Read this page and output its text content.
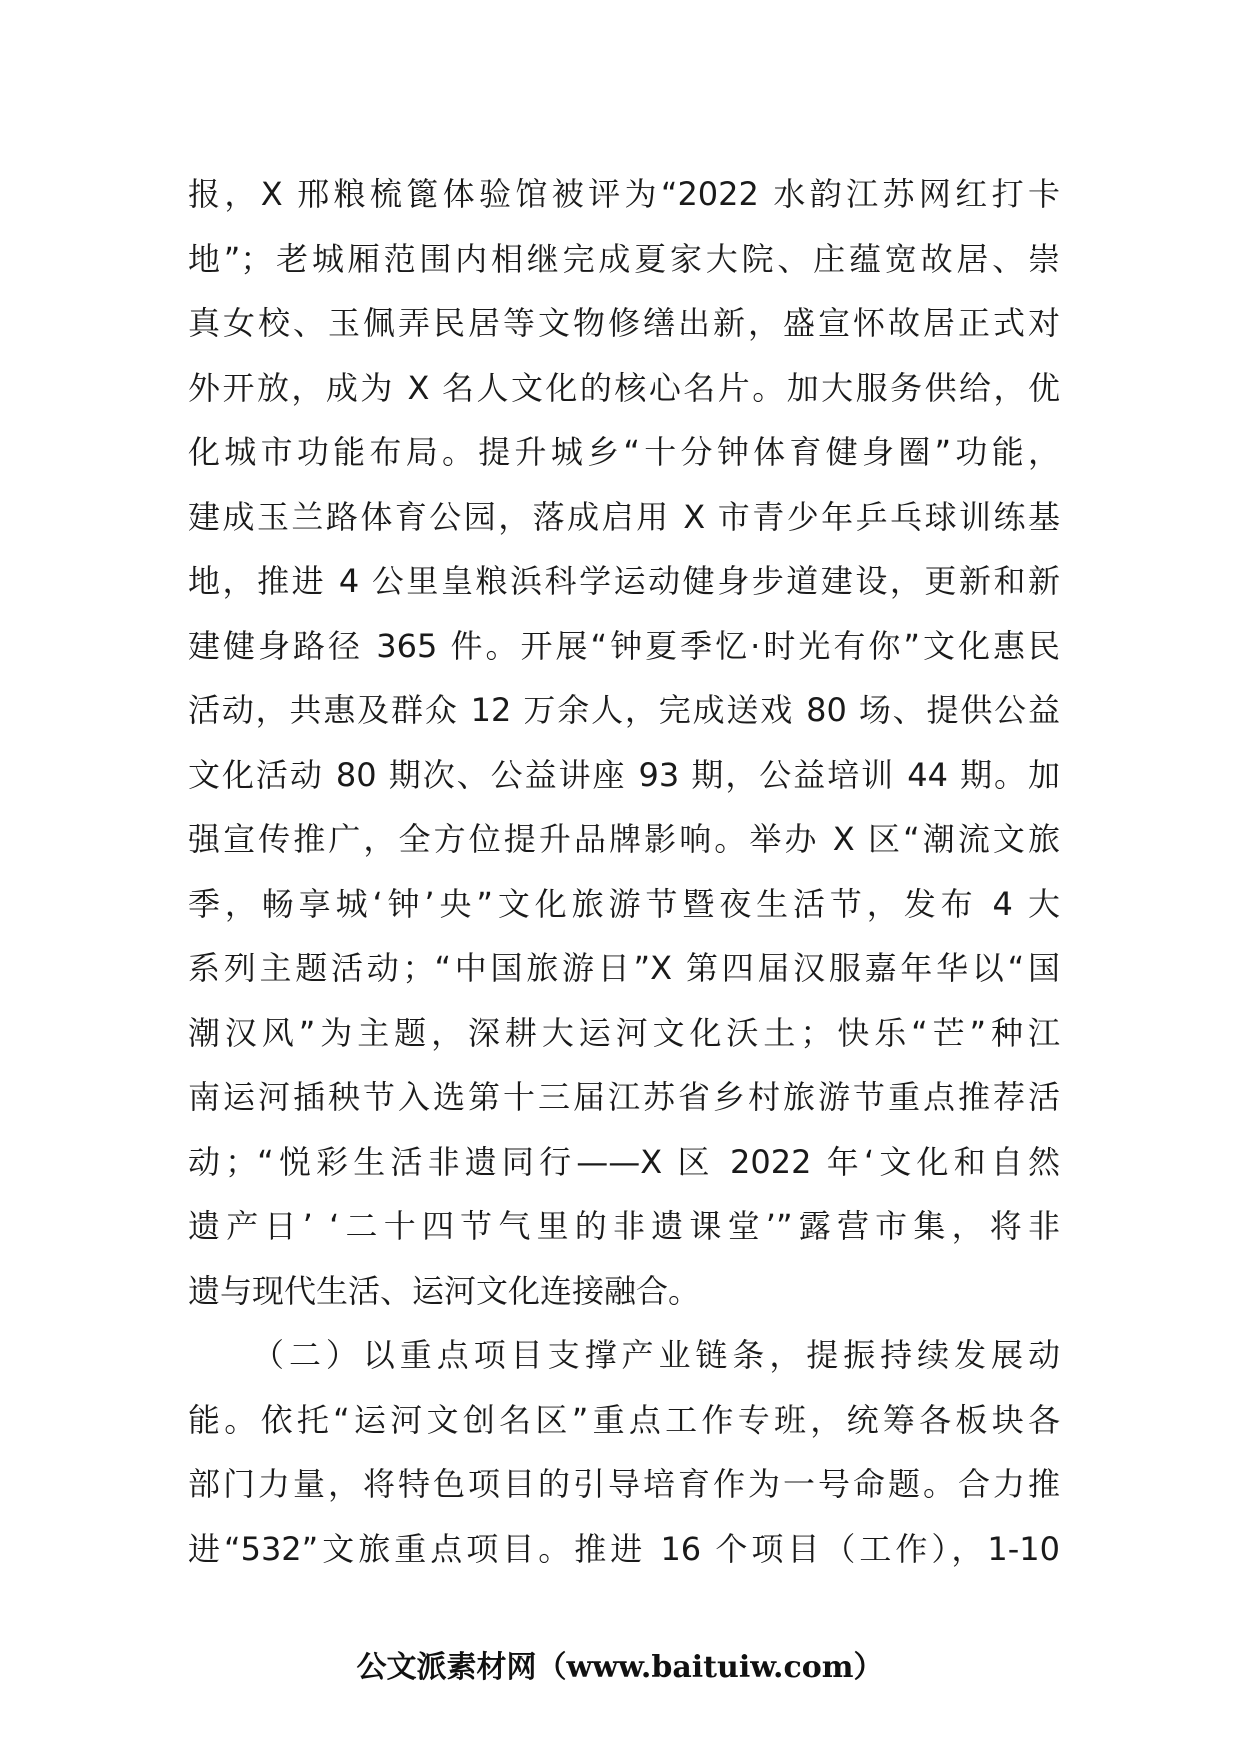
报，X 邢粮梳篦体验馆被评为“2022 水韵江苏网红打卡
地”；老城厢范围内相继完成夏家大院、庄蕴宽故居、崇
真女校、玉佩弄民居等文物修缮出新，盛宣怀故居正式对
外开放，成为 X 名人文化的核心名片。加大服务供给，优
化城市功能布局。提升城乡“十分钟体育健身圈”功能，
建成玉兰路体育公园，落成启用 X 市青少年乒乓球训练基
地，推进 4 公里皇粮浜科学运动健身步道建设，更新和新
建健身路径 365 件。开展“钟夏季忆·时光有你”文化惠民
活动，共惠及群众 12 万余人，完成送戏 80 场、提供公益
文化活动 80 期次、公益讲座 93 期，公益培训 44 期。加
强宣传推广，全方位提升品牌影响。举办 X 区“潮流文旅
季，畅享城‘钟’央”文化旅游节暨夜生活节，发布 4 大
系列主题活动；“中国旅游日”X 第四届汉服嘉年华以“国
潮汉风”为主题，深耕大运河文化沃土；快乐“芒”种江
南运河插秧节入选第十三届江苏省乡村旅游节重点推荐活
动；“悦彩生活非遗同行——X 区 2022 年‘文化和自然
遗产日’ ‘二十四节气里的非遗课堂’”露营市集，将非
遗与现代生活、运河文化连接融合。
（二）以重点项目支撑产业链条，提振持续发展动
能。依托“运河文创名区”重点工作专班，统筹各板块各
部门力量，将特色项目的引导培育作为一号命题。合力推
进“532”文旅重点项目。推进 16 个项目（工作），1-10
公文派素材网（www.baituiw.com）
